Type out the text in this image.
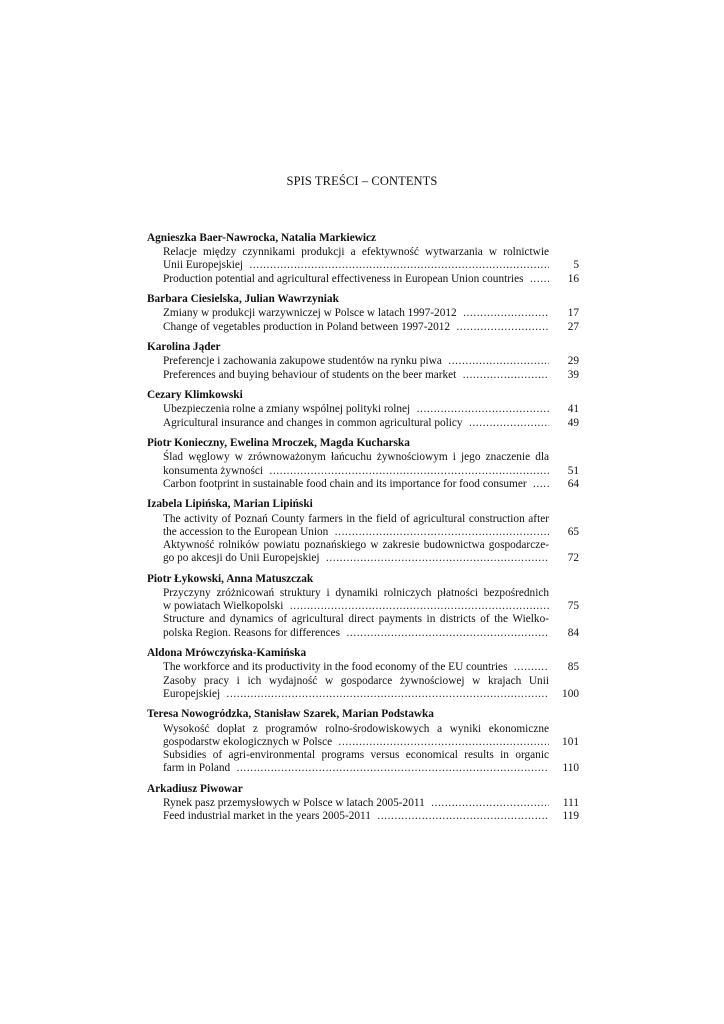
SPIS TREŚCI – CONTENTS
Agnieszka Baer-Nawrocka, Natalia Markiewicz
Relacje między czynnikami produkcji a efektywność wytwarzania w rolnictwie
Unii Europejskiej .....	5
Production potential and agricultural effectiveness in European Union countries .....	16
Barbara Ciesielska, Julian Wawrzyniak
Zmiany w produkcji warzywniczej w Polsce w latach 1997-2012 .....	17
Change of vegetables production in Poland between 1997-2012 .....	27
Karolina Jąder
Preferencje i zachowania zakupowe studentów na rynku piwa .....	29
Preferences and buying behaviour of students on the beer market .....	39
Cezary Klimkowski
Ubezpieczenia rolne a zmiany wspólnej polityki rolnej .....	41
Agricultural insurance and changes in common agricultural policy .....	49
Piotr Konieczny, Ewelina Mroczek, Magda Kucharska
Ślad węglowy w zrównoważonym łańcuchu żywnościowym i jego znaczenie dla
konsumenta żywności .....	51
Carbon footprint in sustainable food chain and its importance for food consumer .....	64
Izabela Lipińska, Marian Lipiński
The activity of Poznań County farmers in the field of agricultural construction after
the accession to the European Union .....	65
Aktywność rolników powiatu poznańskiego w zakresie budownictwa gospodarcze-
go po akcesji do Unii Europejskiej .....	72
Piotr Łykowski, Anna Matuszczak
Przyczyny zróżnicowań struktury i dynamiki rolniczych płatności bezpośrednich
w powiatach Wielkopolski .....	75
Structure and dynamics of agricultural direct payments in districts of the Wielko-
polska Region. Reasons for differences .....	84
Aldona Mrówczyńska-Kamińska
The workforce and its productivity in the food economy of the EU countries .....	85
Zasoby pracy i ich wydajność w gospodarce żywnościowej w krajach Unii
Europejskiej .....	100
Teresa Nowogródzka, Stanisław Szarek, Marian Podstawka
Wysokość dopłat z programów rolno-środowiskowych a wyniki ekonomiczne
gospodarstw ekologicznych w Polsce .....	101
Subsidies of agri-environmental programs versus economical results in organic
farm in Poland .....	110
Arkadiusz Piwowar
Rynek pasz przemysłowych w Polsce w latach 2005-2011 .....	111
Feed industrial market in the years 2005-2011 .....	119
